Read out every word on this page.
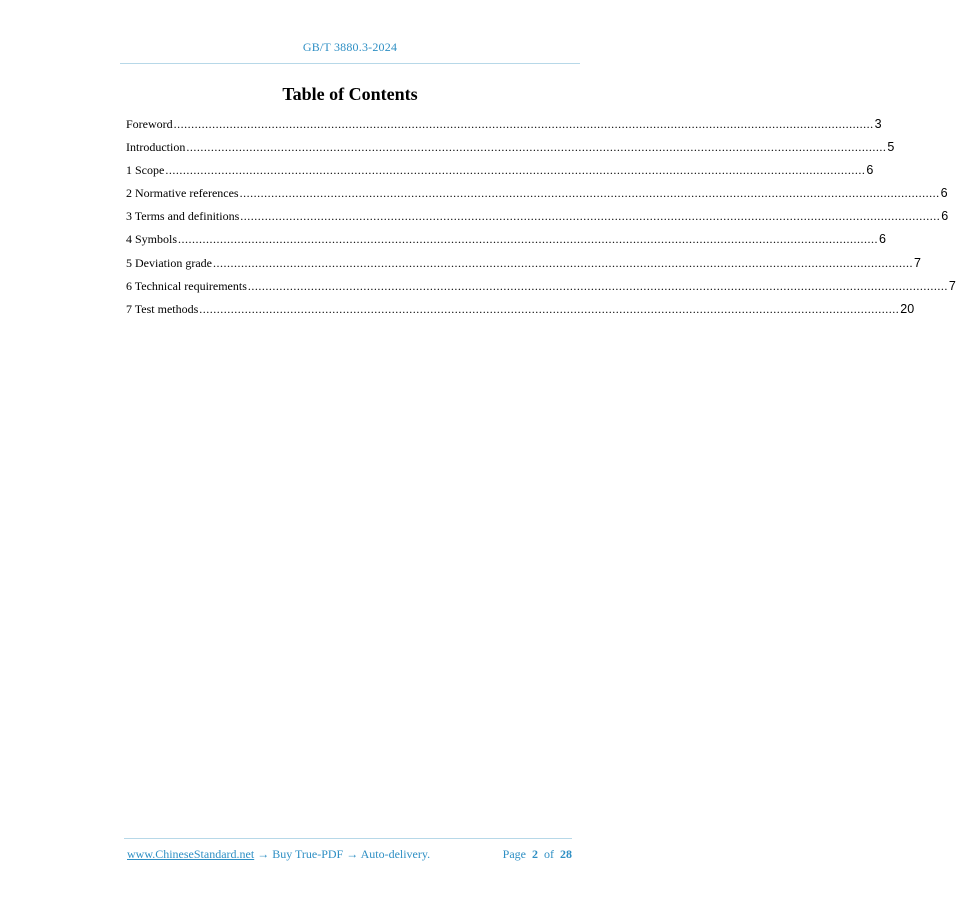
GB/T 3880.3-2024
Table of Contents
Foreword ........................................................................................................................................................................................................ 3
Introduction ........................................................................................................................................................................................................ 5
1 Scope ........................................................................................................................................................................................................ 6
2 Normative references ........................................................................................................................................................................................................ 6
3 Terms and definitions ........................................................................................................................................................................................................ 6
4 Symbols ........................................................................................................................................................................................................ 6
5 Deviation grade ........................................................................................................................................................................................................ 7
6 Technical requirements ........................................................................................................................................................................................................ 7
7 Test methods ........................................................................................................................................................................................................ 20
www.ChineseStandard.net → Buy True-PDF → Auto-delivery.	Page 2 of 28
